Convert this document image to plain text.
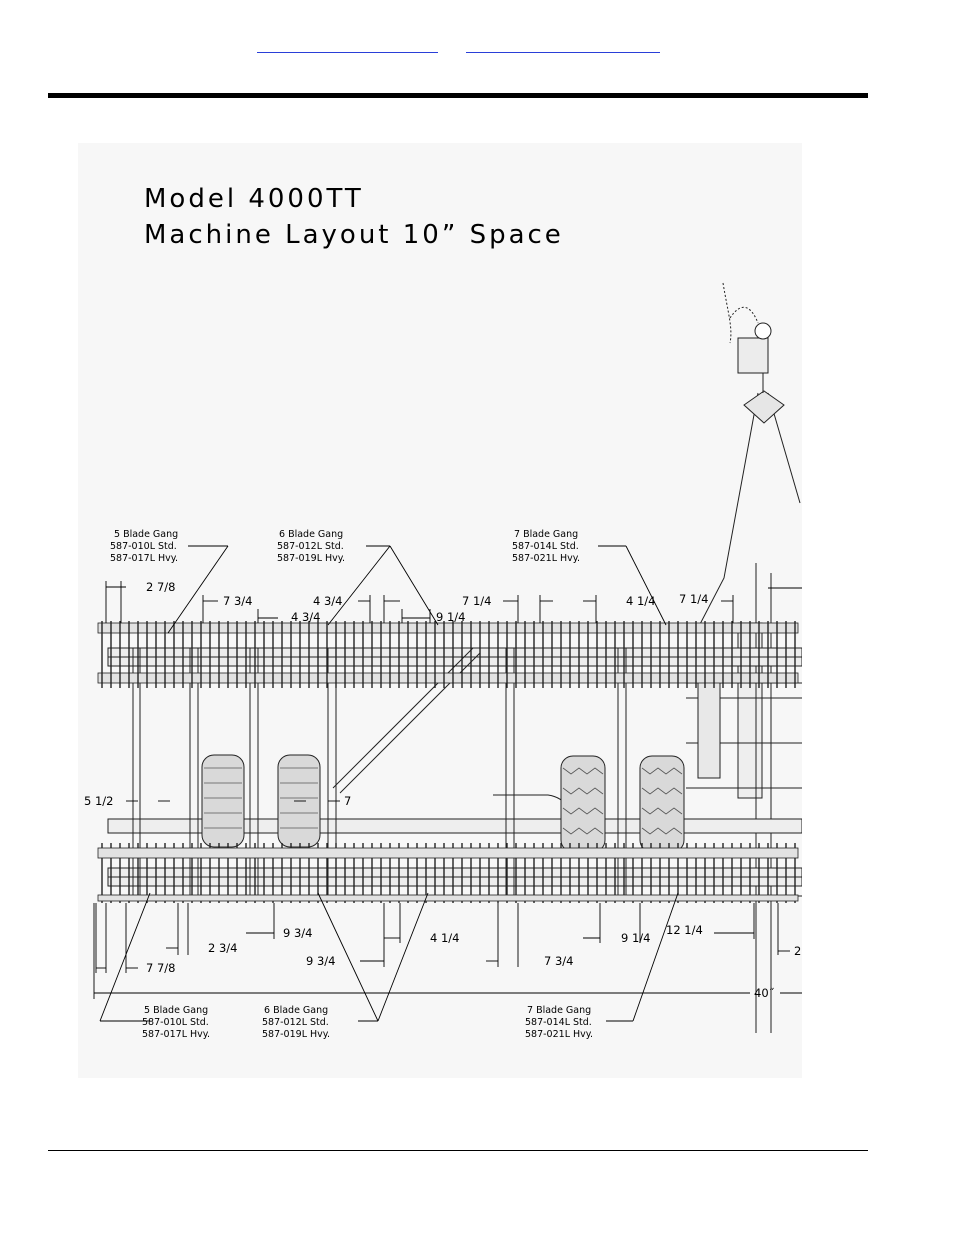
Model 4000TT
Machine Layout 10” Space
5 Blade Gang
587-010L Std.
587-017L Hvy.
6 Blade Gang
587-012L Std.
587-019L Hvy.
7 Blade Gang
587-014L Std.
587-021L Hvy.
2 7/8
7 3/4	4 3/4
4 3/4	9 1/4
7 1/4	4 1/4 7 1/4
5 1/2	7
2 3/4
9 3/4
9 3/4
4 1/4
7 7/8	7 3/4
9 1/4
12 1/4
2
40˝
5 Blade Gang
587-010L Std.
587-017L Hvy.
6 Blade Gang
587-012L Std.
587-019L Hvy.
7 Blade Gang
587-014L Std.
587-021L Hvy.
